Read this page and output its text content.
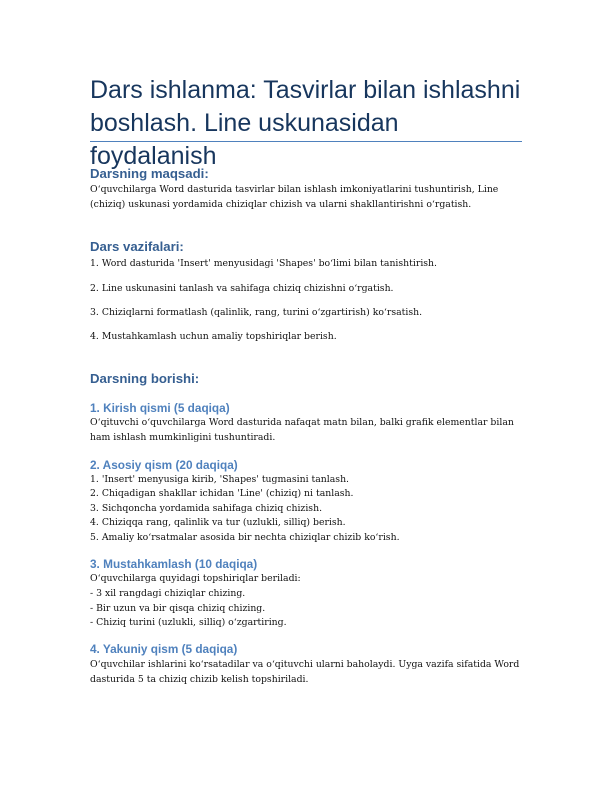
Dars ishlanma: Tasvirlar bilan ishlashni boshlash. Line uskunasidan foydalanish
Darsning maqsadi:

O‘quvchilarga Word dasturida tasvirlar bilan ishlash imkoniyatlarini tushuntirish, Line (chiziq) uskunasi yordamida chiziqlar chizish va ularni shakllantirishni o‘rgatish.

Dars vazifalari:

1. Word dasturida 'Insert' menyusidagi 'Shapes' bo‘limi bilan tanishtirish.

2. Line uskunasini tanlash va sahifaga chiziq chizishni o‘rgatish.

3. Chiziqlarni formatlash (qalinlik, rang, turini o‘zgartirish) ko‘rsatish.

4. Mustahkamlash uchun amaliy topshiriqlar berish.

Darsning borishi:
1. Kirish qismi (5 daqiqa)

O‘qituvchi o‘quvchilarga Word dasturida nafaqat matn bilan, balki grafik elementlar bilan ham ishlash mumkinligini tushuntiradi.

2. Asosiy qism (20 daqiqa)

1. 'Insert' menyusiga kirib, 'Shapes' tugmasini tanlash.

2. Chiqadigan shakllar ichidan 'Line' (chiziq) ni tanlash.

3. Sichqoncha yordamida sahifaga chiziq chizish.

4. Chiziqqa rang, qalinlik va tur (uzlukli, silliq) berish.

5. Amaliy ko‘rsatmalar asosida bir nechta chiziqlar chizib ko‘rish.

3. Mustahkamlash (10 daqiqa)

O‘quvchilarga quyidagi topshiriqlar beriladi:

- 3 xil rangdagi chiziqlar chizing.

- Bir uzun va bir qisqa chiziq chizing.

- Chiziq turini (uzlukli, silliq) o‘zgartiring.

4. Yakuniy qism (5 daqiqa)

O‘quvchilar ishlarini ko‘rsatadilar va o‘qituvchi ularni baholaydi. Uyga vazifa sifatida Word dasturida 5 ta chiziq chizib kelish topshiriladi.
